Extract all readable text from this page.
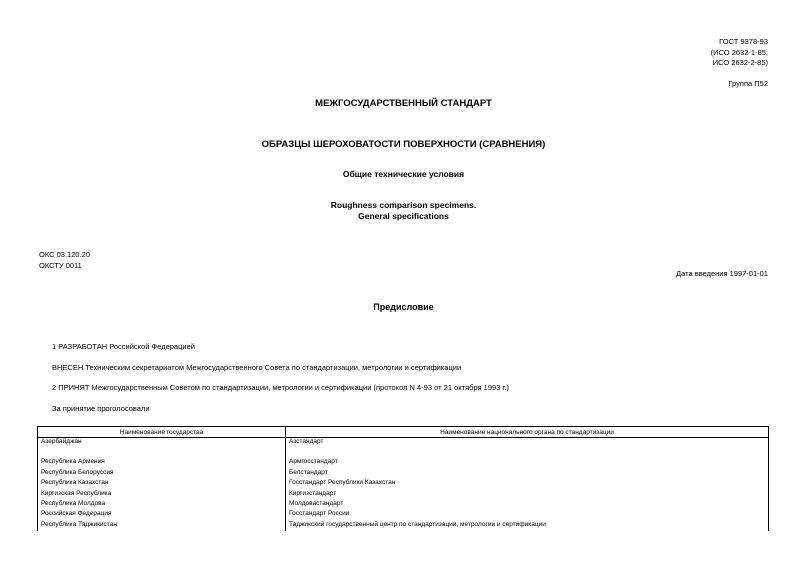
ГОСТ 9378-93
(ИСО 2632-1-85,
ИСО 2632-2-85)
Группа П52
МЕЖГОСУДАРСТВЕННЫЙ СТАНДАРТ
ОБРАЗЦЫ ШЕРОХОВАТОСТИ ПОВЕРХНОСТИ (СРАВНЕНИЯ)
Общие технические условия
Roughness comparison specimens.
General specifications
ОКС 03.120.20
ОКСТУ 0011
Дата введения 1997-01-01
Предисловие
1 РАЗРАБОТАН Российской Федерацией
ВНЕСЕН Техническим секретариатом Межгосударственного Совета по стандартизации, метрологии и сертификации
2 ПРИНЯТ Межгосударственным Советом по стандартизации, метрологии и сертификации (протокол N 4-93 от 21 октября 1993 г.)
За принятие проголосовали
Наименование государства	Наименование национального органа по стандартизации
Азербайджан	Азстандарт

Республика Армения	Армгосстандарт
Республика Белоруссия	Белстандарт
Республика Казахстан	Госстандарт Республики Казахстан
Киргизская Республика	Киргизстандарт
Республика Молдова	Молдовастандарт
Российская Федерация	Госстандарт России
Республика Таджикистан	Таджикский государственный центр по стандартизации, метрологии и сертификации
